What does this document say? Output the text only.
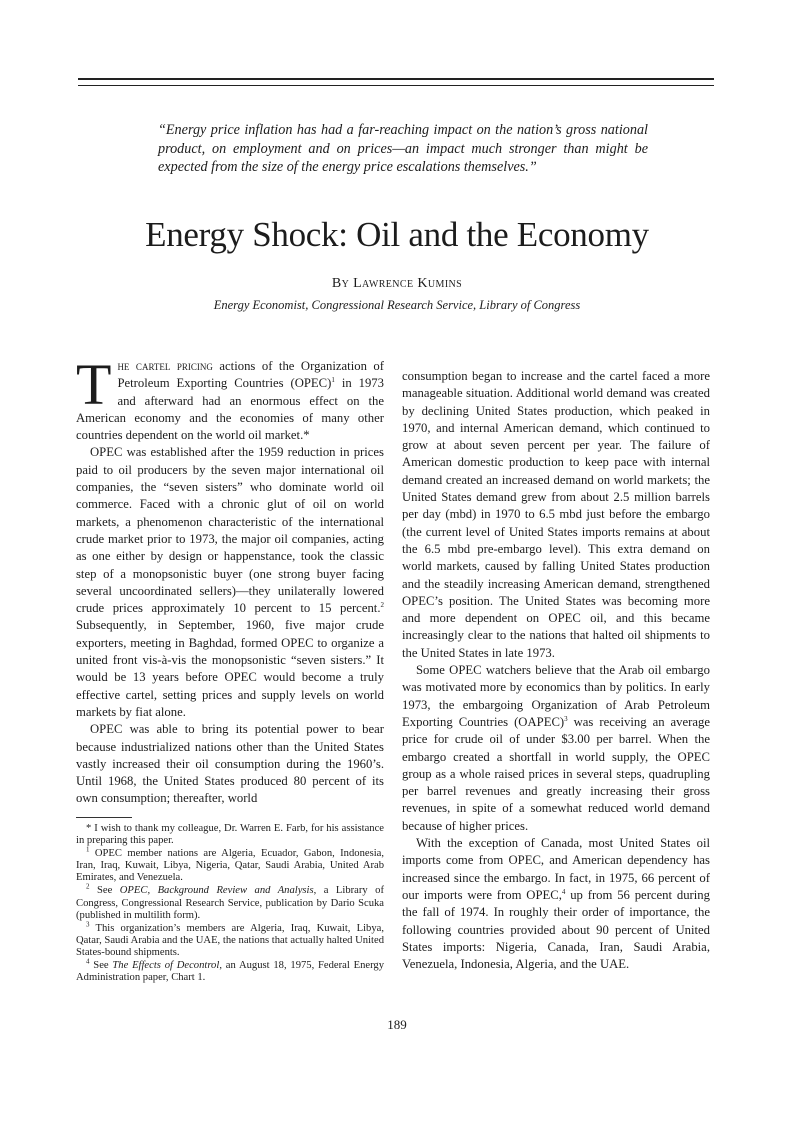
“Energy price inflation has had a far-reaching impact on the nation’s gross national product, on employment and on prices—an impact much stronger than might be expected from the size of the energy price escalations themselves.”
Energy Shock: Oil and the Economy
By Lawrence Kumins
Energy Economist, Congressional Research Service, Library of Congress

The cartel pricing actions of the Organization of Petroleum Exporting Countries (OPEC)$^1$ in 1973 and afterward had an enormous effect on the American economy and the economies of many other countries dependent on the world oil market.*

OPEC was established after the 1959 reduction in prices paid to oil producers by the seven major international oil companies, the “seven sisters” who dominate world oil commerce. Faced with a chronic glut of oil on world markets, a phenomenon characteristic of the international crude market prior to 1973, the major oil companies, acting as one either by design or happenstance, took the classic step of a monopsonistic buyer (one strong buyer facing several uncoordinated sellers)—they unilaterally lowered crude prices approximately 10 percent to 15 percent.$^2$ Subsequently, in September, 1960, five major crude exporters, meeting in Baghdad, formed OPEC to organize a united front vis-à-vis the monopsonistic “seven sisters.” It would be 13 years before OPEC would become a truly effective cartel, setting prices and supply levels on world markets by fiat alone.

OPEC was able to bring its potential power to bear because industrialized nations other than the United States vastly increased their oil consumption during the 1960’s. Until 1968, the United States produced 80 percent of its own consumption; thereafter, world

* I wish to thank my colleague, Dr. Warren E. Farb, for his assistance in preparing this paper.

$^1$ OPEC member nations are Algeria, Ecuador, Gabon, Indonesia, Iran, Iraq, Kuwait, Libya, Nigeria, Qatar, Saudi Arabia, United Arab Emirates, and Venezuela.

$^2$ See OPEC, Background Review and Analysis, a Library of Congress, Congressional Research Service, publication by Dario Scuka (published in multilith form).

$^3$ This organization’s members are Algeria, Iraq, Kuwait, Libya, Qatar, Saudi Arabia and the UAE, the nations that actually halted United States-bound shipments.

$^4$ See The Effects of Decontrol, an August 18, 1975, Federal Energy Administration paper, Chart 1.

consumption began to increase and the cartel faced a more manageable situation. Additional world demand was created by declining United States production, which peaked in 1970, and internal American demand, which continued to grow at about seven percent per year. The failure of American domestic production to keep pace with internal demand created an increased demand on world markets; the United States demand grew from about 2.5 million barrels per day (mbd) in 1970 to 6.5 mbd just before the embargo (the current level of United States imports remains at about the 6.5 mbd pre-embargo level). This extra demand on world markets, caused by falling United States production and the steadily increasing American demand, strengthened OPEC’s position. The United States was becoming more and more dependent on OPEC oil, and this became increasingly clear to the nations that halted oil shipments to the United States in late 1973.

Some OPEC watchers believe that the Arab oil embargo was motivated more by economics than by politics. In early 1973, the embargoing Organization of Arab Petroleum Exporting Countries (OAPEC)$^3$ was receiving an average price for crude oil of under $3.00 per barrel. When the embargo created a shortfall in world supply, the OPEC group as a whole raised prices in several steps, quadrupling per barrel revenues and greatly increasing their gross revenues, in spite of a somewhat reduced world demand because of higher prices.

With the exception of Canada, most United States oil imports come from OPEC, and American dependency has increased since the embargo. In fact, in 1975, 66 percent of our imports were from OPEC,$^4$ up from 56 percent during the fall of 1974. In roughly their order of importance, the following countries provided about 90 percent of United States imports: Nigeria, Canada, Iran, Saudi Arabia, Venezuela, Indonesia, Algeria, and the UAE.

189
